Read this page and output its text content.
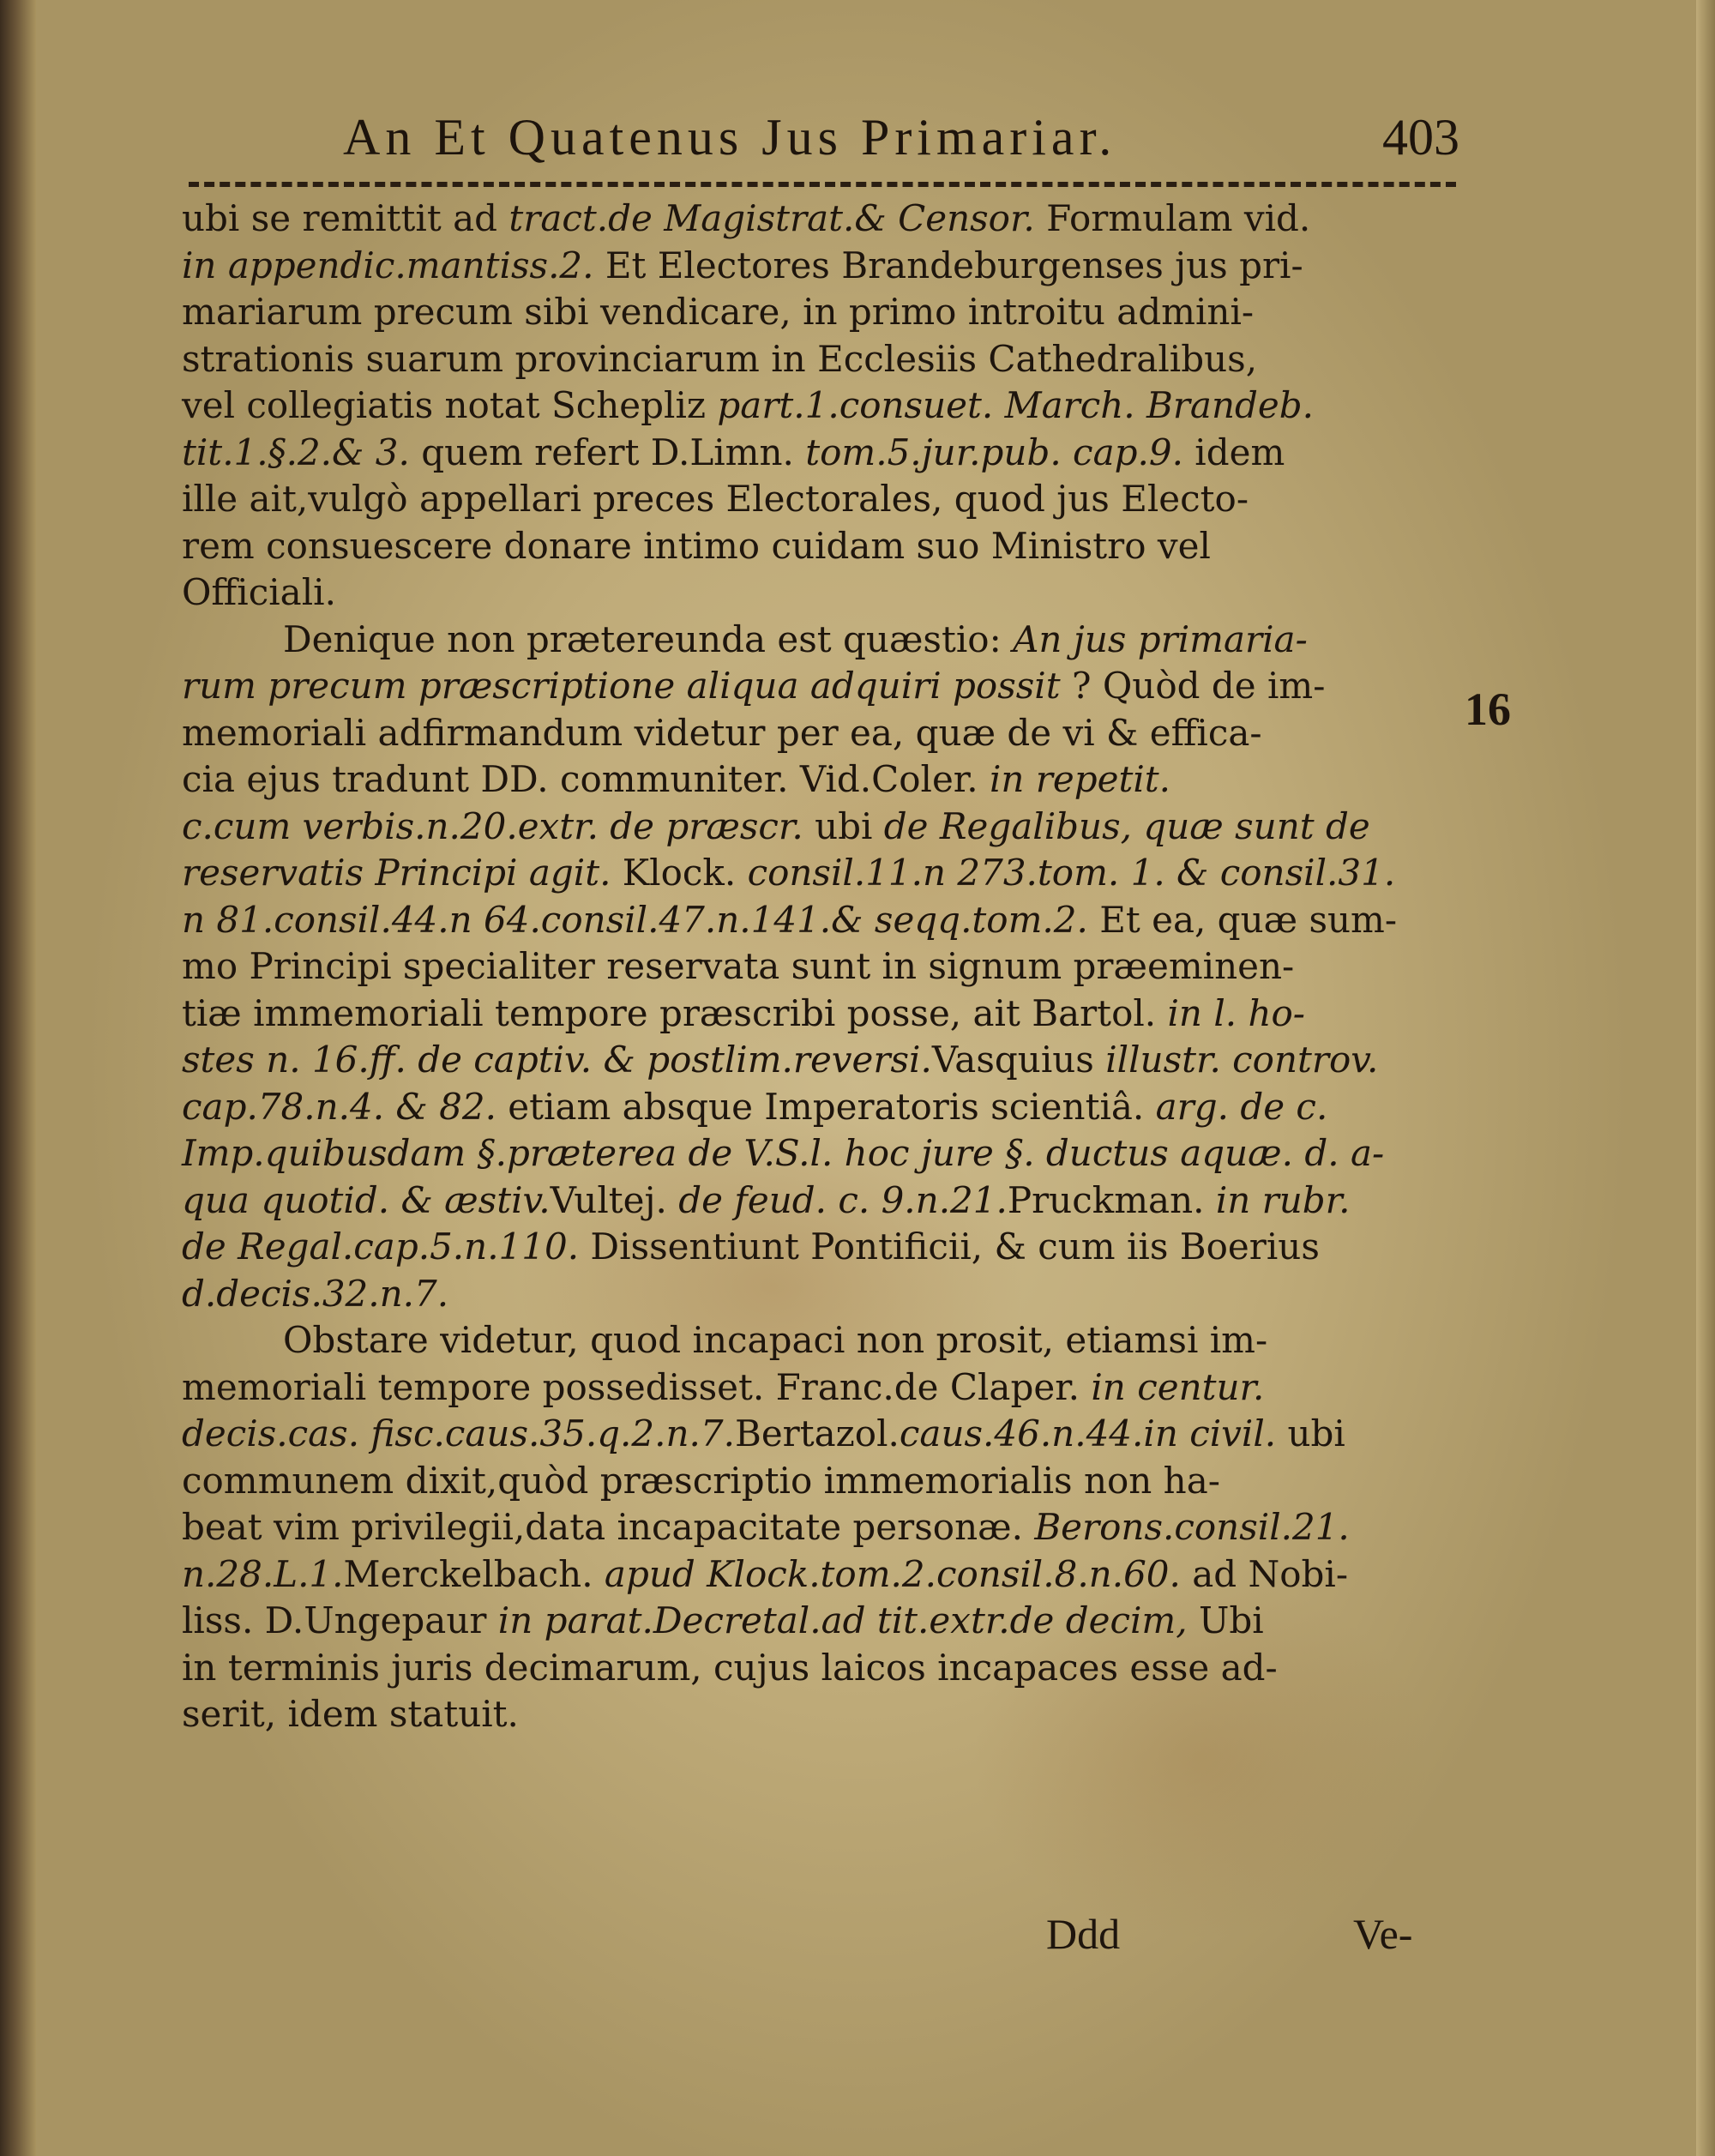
An Et Quatenus Jus Primariar.	403
ubi se remittit ad tract.de Magistrat.& Censor. Formulam vid.
in appendic.mantiss.2. Et Electores Brandeburgenses jus pri-
mariarum precum sibi vendicare, in primo introitu admini-
strationis suarum provinciarum in Ecclesiis Cathedralibus,
vel collegiatis notat Schepliz part.1.consuet. March. Brandeb.
tit.1.§.2.& 3. quem refert D.Limn. tom.5.jur.pub. cap.9. idem
ille ait,vulgò appellari preces Electorales, quod jus Electo-
rem consuescere donare intimo cuidam suo Ministro vel
Officiali.
Denique non prætereunda est quæstio: An jus primaria-
rum precum præscriptione aliqua adquiri possit ? Quòd de im-
memoriali adfirmandum videtur per ea, quæ de vi & effica-
cia ejus tradunt DD. communiter. Vid.Coler. in repetit.
c.cum verbis.n.20.extr. de præscr. ubi de Regalibus, quæ sunt de
reservatis Principi agit. Klock. consil.11.n 273.tom. 1. & consil.31.
n 81.consil.44.n 64.consil.47.n.141.& seqq.tom.2. Et ea, quæ sum-
mo Principi specialiter reservata sunt in signum præeminen-
tiæ immemoriali tempore præscribi posse, ait Bartol. in l. ho-
stes n. 16.ff. de captiv. & postlim.reversi.Vasquius illustr. controv.
cap.78.n.4. & 82. etiam absque Imperatoris scientiâ. arg. de c.
Imp.quibusdam §.præterea de V.S.l. hoc jure §. ductus aquæ. d. a-
qua quotid. & æstiv.Vultej. de feud. c. 9.n.21.Pruckman. in rubr.
de Regal.cap.5.n.110. Dissentiunt Pontificii, & cum iis Boerius
d.decis.32.n.7.
Obstare videtur, quod incapaci non prosit, etiamsi im-
memoriali tempore possedisset. Franc.de Claper. in centur.
decis.cas. fisc.caus.35.q.2.n.7.Bertazol.caus.46.n.44.in civil. ubi
communem dixit,quòd præscriptio immemorialis non ha-
beat vim privilegii,data incapacitate personæ. Berons.consil.21.
n.28.L.1.Merckelbach. apud Klock.tom.2.consil.8.n.60. ad Nobi-
liss. D.Ungepaur in parat.Decretal.ad tit.extr.de decim, Ubi
in terminis juris decimarum, cujus laicos incapaces esse ad-
serit, idem statuit.
16
Ddd	Ve-
